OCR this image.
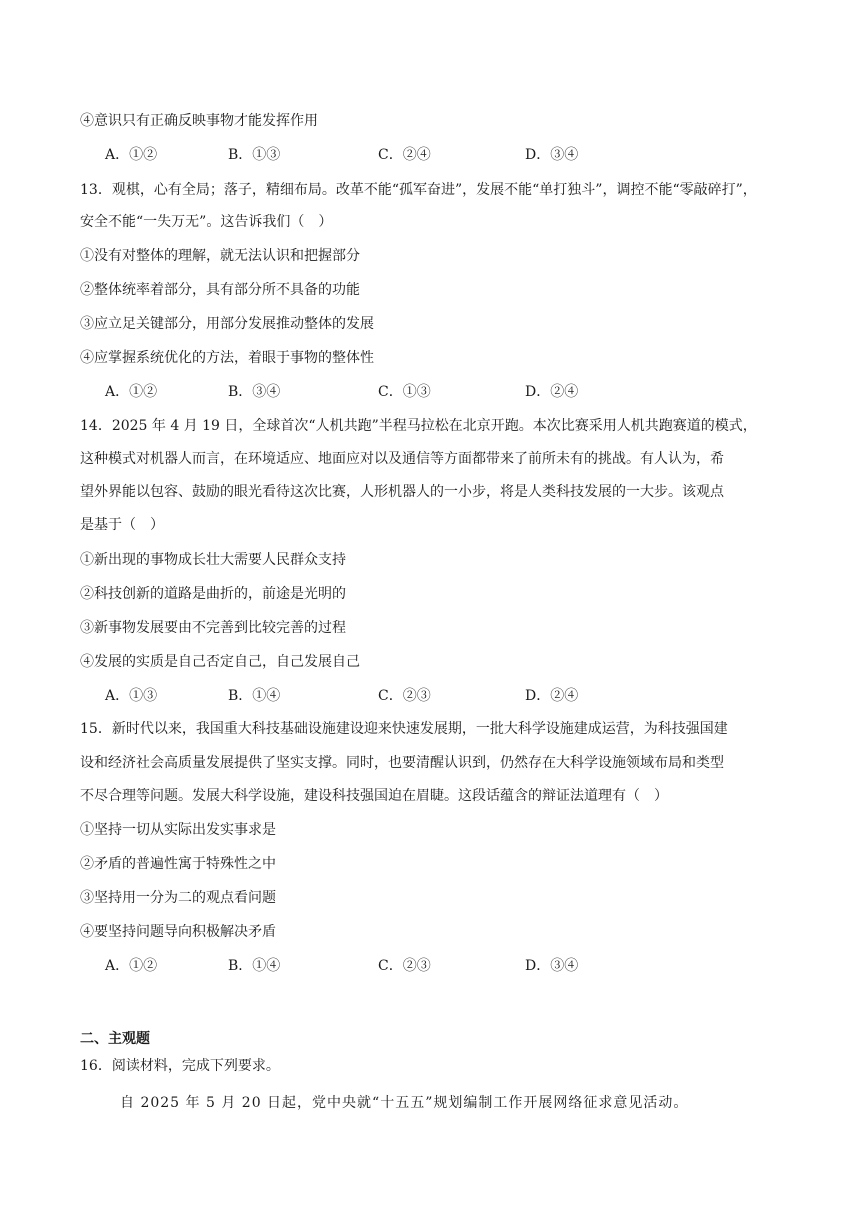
④意识只有正确反映事物才能发挥作用
A．①②	B．①③	C．②④	D．③④
13．观棋，心有全局；落子，精细布局。改革不能“孤军奋进”，发展不能“单打独斗”，调控不能“零敲碎打”，
安全不能“一失万无”。这告诉我们（　）
①没有对整体的理解，就无法认识和把握部分
②整体统率着部分，具有部分所不具备的功能
③应立足关键部分，用部分发展推动整体的发展
④应掌握系统优化的方法，着眼于事物的整体性
A．①②	B．③④	C．①③	D．②④
14．2025 年 4 月 19 日，全球首次“人机共跑”半程马拉松在北京开跑。本次比赛采用人机共跑赛道的模式，
这种模式对机器人而言，在环境适应、地面应对以及通信等方面都带来了前所未有的挑战。有人认为，希
望外界能以包容、鼓励的眼光看待这次比赛，人形机器人的一小步，将是人类科技发展的一大步。该观点
是基于（　）
①新出现的事物成长壮大需要人民群众支持
②科技创新的道路是曲折的，前途是光明的
③新事物发展要由不完善到比较完善的过程
④发展的实质是自己否定自己，自己发展自己
A．①③	B．①④	C．②③	D．②④
15．新时代以来，我国重大科技基础设施建设迎来快速发展期，一批大科学设施建成运营，为科技强国建
设和经济社会高质量发展提供了坚实支撑。同时，也要清醒认识到，仍然存在大科学设施领域布局和类型
不尽合理等问题。发展大科学设施，建设科技强国迫在眉睫。这段话蕴含的辩证法道理有（　）
①坚持一切从实际出发实事求是
②矛盾的普遍性寓于特殊性之中
③坚持用一分为二的观点看问题
④要坚持问题导向积极解决矛盾
A．①②	B．①④	C．②③	D．③④
二、主观题
16．阅读材料，完成下列要求。
自 2025 年 5 月 20 日起，党中央就“十五五”规划编制工作开展网络征求意见活动。
